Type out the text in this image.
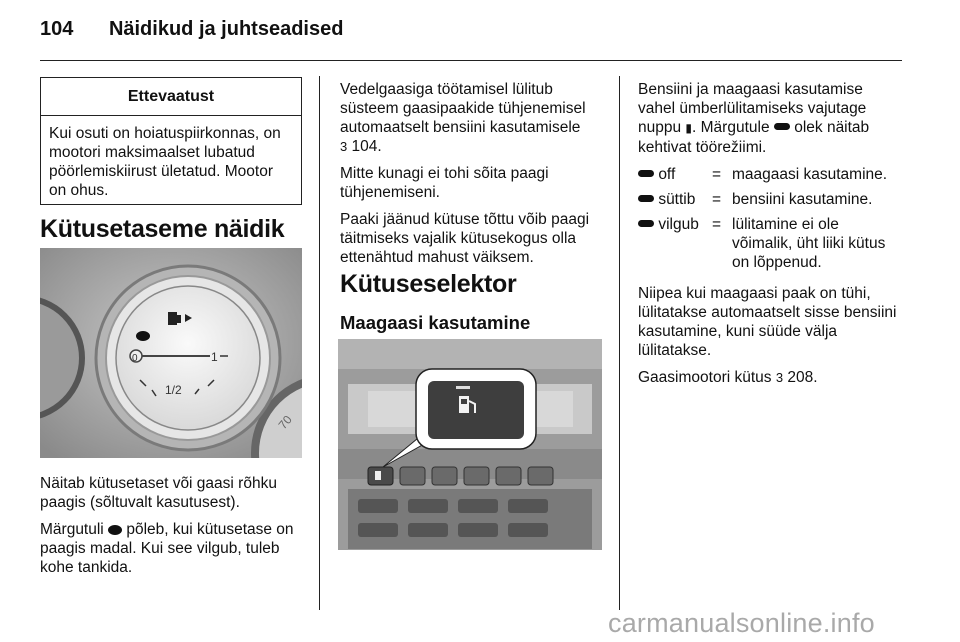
104 Näidikud ja juhtseadised
Ettevaatust
Kui osuti on hoiatuspiirkonnas, on mootori maksimaalset lubatud pöörlemiskiirust ületatud. Mootor on ohus.
Kütusetaseme näidik
70
0	1
1/2

Näitab kütusetaset või gaasi rõhku paagis (sõltuvalt kasutusest).

Märgutuli põleb, kui kütusetase on paagis madal. Kui see vilgub, tuleb kohe tankida.

Vedelgaasiga töötamisel lülitub süsteem gaasipaakide tühjenemisel automaatselt bensiini kasutamisele
3 104.

Mitte kunagi ei tohi sõita paagi tühjenemiseni.

Paaki jäänud kütuse tõttu võib paagi täitmiseks vajalik kütusekogus olla ettenähtud mahust väiksem.

Kütuseselektor
Maagaasi kasutamine

Bensiini ja maagaasi kasutamise
vahel ümberlülitamiseks vajutage
nuppu ▮. Märgutule olek näitab
kehtivat töörežiimi.

off	=	maagaasi kasutamine.
süttib	=	bensiini kasutamine.
vilgub	=	lülitamine ei ole võimalik, üht liiki kütus on lõppenud.

Niipea kui maagaasi paak on tühi, lülitatakse automaatselt sisse bensiini kasutamine, kuni süüde välja lülitatakse.

Gaasimootori kütus 3 208.

carmanualsonline.info
